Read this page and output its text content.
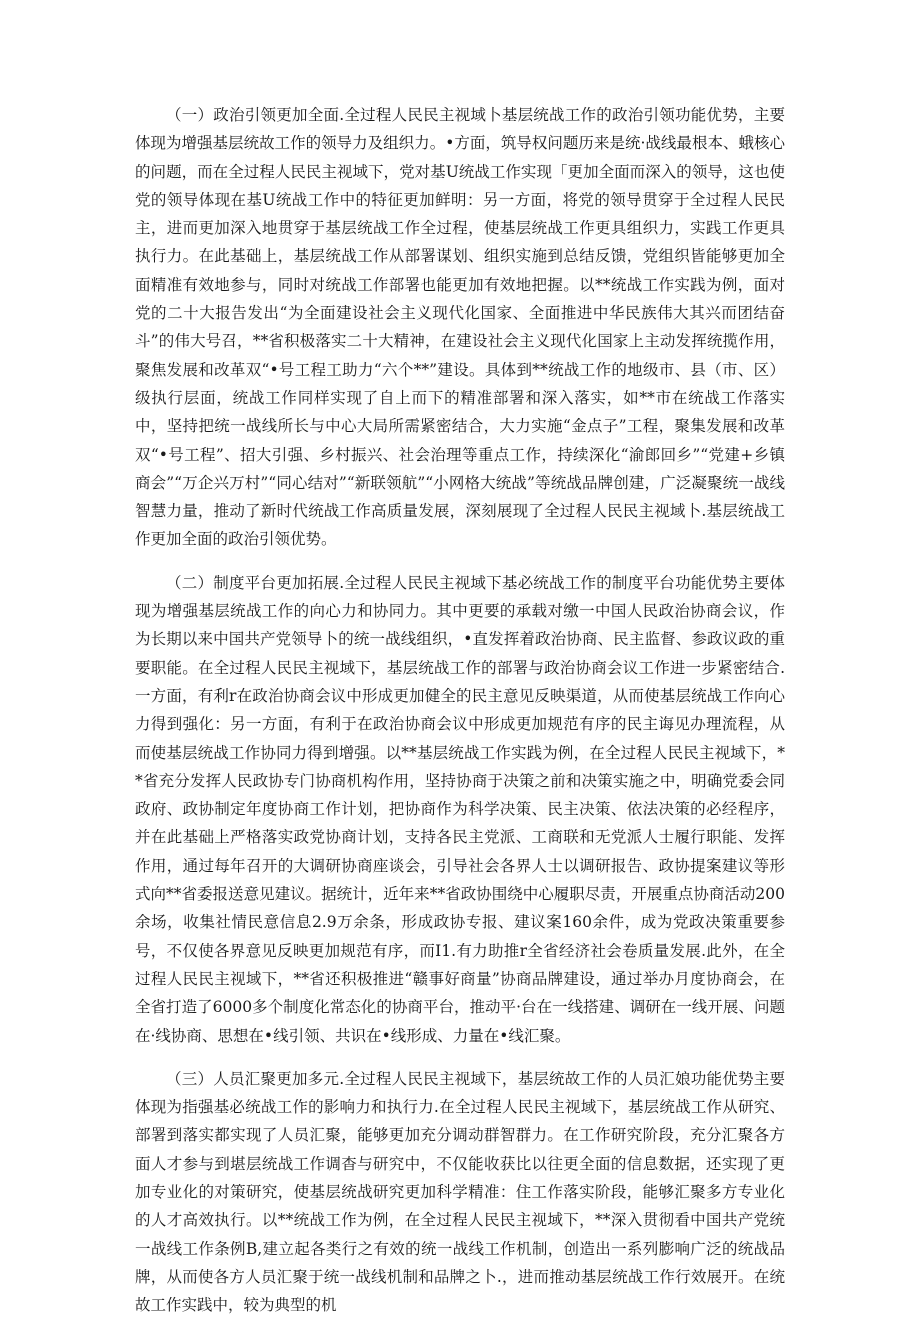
（一）政治引领更加全面.全过程人民民主视域卜基层统战工作的政治引领功能优势，主要体现为增强基层统故工作的领导力及组织力。•方面，筑导权问题历来是统·战线最根本、蛾核心的问题，而在全过程人民民主视域下，党对基U统战工作实现「更加全面而深入的领导，这也使党的领导体现在基U统战工作中的特征更加鲜明：另一方面，将党的领导贯穿于全过程人民民主，进而更加深入地贯穿于基层统战工作全过程，使基层统战工作更具组织力，实践工作更具执行力。在此基础上，基层统战工作从部署谋划、组织实施到总结反馈，党组织皆能够更加全面精准有效地参与，同时对统战工作部署也能更加有效地把握。以**统战工作实践为例，面对党的二十大报告发出“为全面建设社会主义现代化国家、全面推进中华民族伟大其兴而团结奋斗”的伟大号召，**省积极落实二十大精神，在建设社会主义现代化国家上主动发挥统揽作用，聚焦发展和改革双“•号工程工助力“六个**”建设。具体到**统战工作的地级市、县（市、区）级执行层面，统战工作同样实现了自上而下的精准部署和深入落实，如**市在统战工作落实中，坚持把统一战线所长与中心大局所需紧密结合，大力实施“金点子”工程，聚集发展和改革双“•号工程”、招大引强、乡村振兴、社会治理等重点工作，持续深化“渝郎回乡”“党建+乡镇商会”“万企兴万村”“同心结对”“新联领航”“小网格大统战”等统战品牌创建，广泛凝聚统一战线智慧力量，推动了新时代统战工作高质量发展，深刻展现了全过程人民民主视域卜.基层统战工作更加全面的政治引领优势。

（二）制度平台更加拓展.全过程人民民主视域下基必统战工作的制度平台功能优势主要体现为增强基层统战工作的向心力和协同力。其中更要的承载对缴一中国人民政治协商会议，作为长期以来中国共产党领导卜的统一战线组织，•直发挥着政治协商、民主监督、参政议政的重要职能。在全过程人民民主视域下，基层统战工作的部署与政治协商会议工作进一步紧密结合.一方面，有利r在政治协商会议中形成更加健全的民主意见反映渠道，从而使基层统战工作向心力得到强化：另一方面，有利于在政治协商会议中形成更加规范有序的民主诲见办理流程，从而使基层统战工作协同力得到增强。以**基层统战工作实践为例，在全过程人民民主视域下，**省充分发挥人民政协专门协商机构作用，坚持协商于决策之前和决策实施之中，明确党委会同政府、政协制定年度协商工作计划，把协商作为科学决策、民主决策、依法决策的必经程序，并在此基础上严格落实政党协商计划，支持各民主党派、工商联和无党派人士履行职能、发挥作用，通过每年召开的大调研协商座谈会，引导社会各界人士以调研报告、政协提案建议等形式向**省委报送意见建议。据统计，近年来**省政协围绕中心履职尽责，开展重点协商活动200余场，收集社情民意信息2.9万余条，形成政协专报、建议案160余件，成为党政决策重要参号，不仅使各界意见反映更加规范有序，而I1.有力助推r全省经济社会卷质量发展.此外，在全过程人民民主视域下，**省还积极推进“赣事好商量”协商品牌建设，通过举办月度协商会，在全省打造了6000多个制度化常态化的协商平台，推动平·台在一线搭建、调研在一线开展、问题在·线协商、思想在•线引领、共识在•线形成、力量在•线汇聚。

（三）人员汇聚更加多元.全过程人民民主视域下，基层统故工作的人员汇娘功能优势主要体现为指强基必统战工作的影响力和执行力.在全过程人民民主视域下，基层统战工作从研究、部署到落实都实现了人员汇聚，能够更加充分调动群智群力。在工作研究阶段，充分汇聚各方面人才参与到堪层统战工作调杳与研究中，不仅能收获比以往更全面的信息数据，还实现了更加专业化的对策研究，使基层统战研究更加科学精准：住工作落实阶段，能够汇聚多方专业化的人才高效执行。以**统战工作为例，在全过程人民民主视域下，**深入贯彻看中国共产党统一战线工作条例B,建立起各类行之有效的统一战线工作机制，创造出一系列膨响广泛的统战品牌，从而使各方人员汇聚于统一战线机制和品牌之卜.，进而推动基层统战工作行效展开。在统故工作实践中，较为典型的机
